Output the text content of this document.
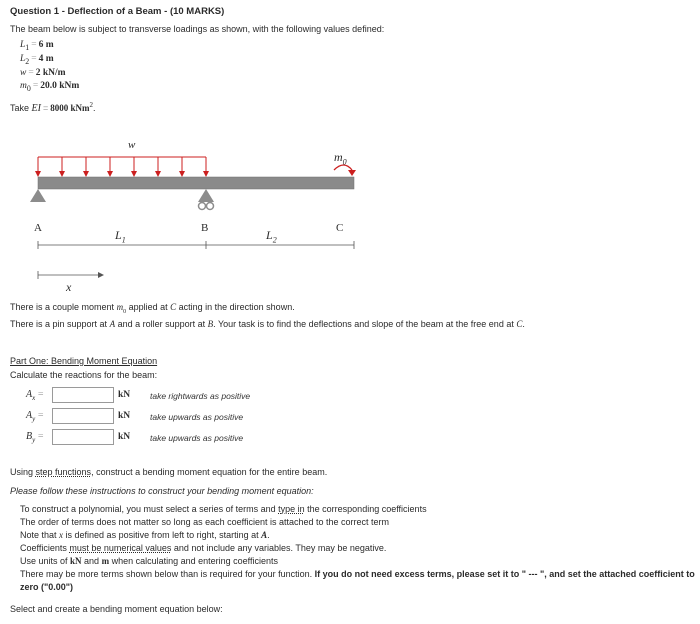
Question 1 - Deflection of a Beam - (10 MARKS)
The beam below is subject to transverse loadings as shown, with the following values defined:
$L_1 = 6$ m
$L_2 = 4$ m
w = 2 kN/m
$m_0 = 20.0$ kNm
Take EI = 8000 kNm$^2$.
w
$m_0$
A	B	C
$L_1$	$L_2$
x
There is a couple moment $m_0$ applied at C acting in the direction shown.
There is a pin support at A and a roller support at B. Your task is to find the deflections and slope of the beam at the free end at C.
Part One: Bending Moment Equation
Calculate the reactions for the beam:
$A_x$ =	kN take rightwards as positive
$A_y$ =	kN take upwards as positive
$B_y$ =	kN take upwards as positive
Using step functions, construct a bending moment equation for the entire beam.
Please follow these instructions to construct your bending moment equation:
To construct a polynomial, you must select a series of terms and type in the corresponding coefficients
The order of terms does not matter so long as each coefficient is attached to the correct term
Note that x is defined as positive from left to right, starting at A.
Coefficients must be numerical values and not include any variables. They may be negative.
Use units of kN and m when calculating and entering coefficients
There may be more terms shown below than is required for your function. If you do not need excess terms, please set it to " --- ", and set the attached coefficient to
zero ("0.00")
Select and create a bending moment equation below:
